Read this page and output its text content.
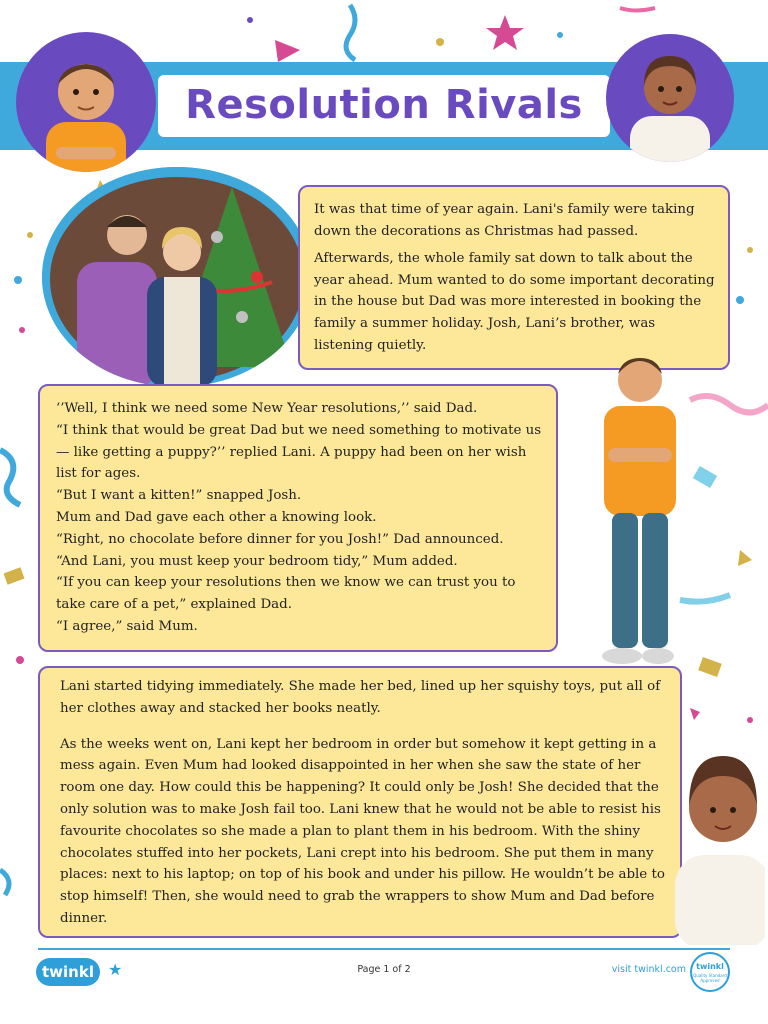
Resolution Rivals

It was that time of year again. Lani's family were taking down the decorations as Christmas had passed.

Afterwards, the whole family sat down to talk about the year ahead. Mum wanted to do some important decorating in the house but Dad was more interested in booking the family a summer holiday. Josh, Lani’s brother, was listening quietly.

‘’Well, I think we need some New Year resolutions,’’ said Dad.

“I think that would be great Dad but we need something to motivate us — like getting a puppy?’’ replied Lani. A puppy had been on her wish list for ages.

“But I want a kitten!” snapped Josh.

Mum and Dad gave each other a knowing look.

“Right, no chocolate before dinner for you Josh!” Dad announced.

“And Lani, you must keep your bedroom tidy,” Mum added.

“If you can keep your resolutions then we know we can trust you to take care of a pet,” explained Dad.

“I agree,” said Mum.

Lani started tidying immediately. She made her bed, lined up her squishy toys, put all of her clothes away and stacked her books neatly.

As the weeks went on, Lani kept her bedroom in order but somehow it kept getting in a mess again. Even Mum had looked disappointed in her when she saw the state of her room one day. How could this be happening? It could only be Josh! She decided that the only solution was to make Josh fail too. Lani knew that he would not be able to resist his favourite chocolates so she made a plan to plant them in his bedroom. With the shiny chocolates stuffed into her pockets, Lani crept into his bedroom. She put them in many places: next to his laptop; on top of his book and under his pillow. He wouldn’t be able to stop himself! Then, she would need to grab the wrappers to show Mum and Dad before dinner.

twinkl ★	Page 1 of 2	visit twinkl.com	twinkl
Quality Standard Approved
